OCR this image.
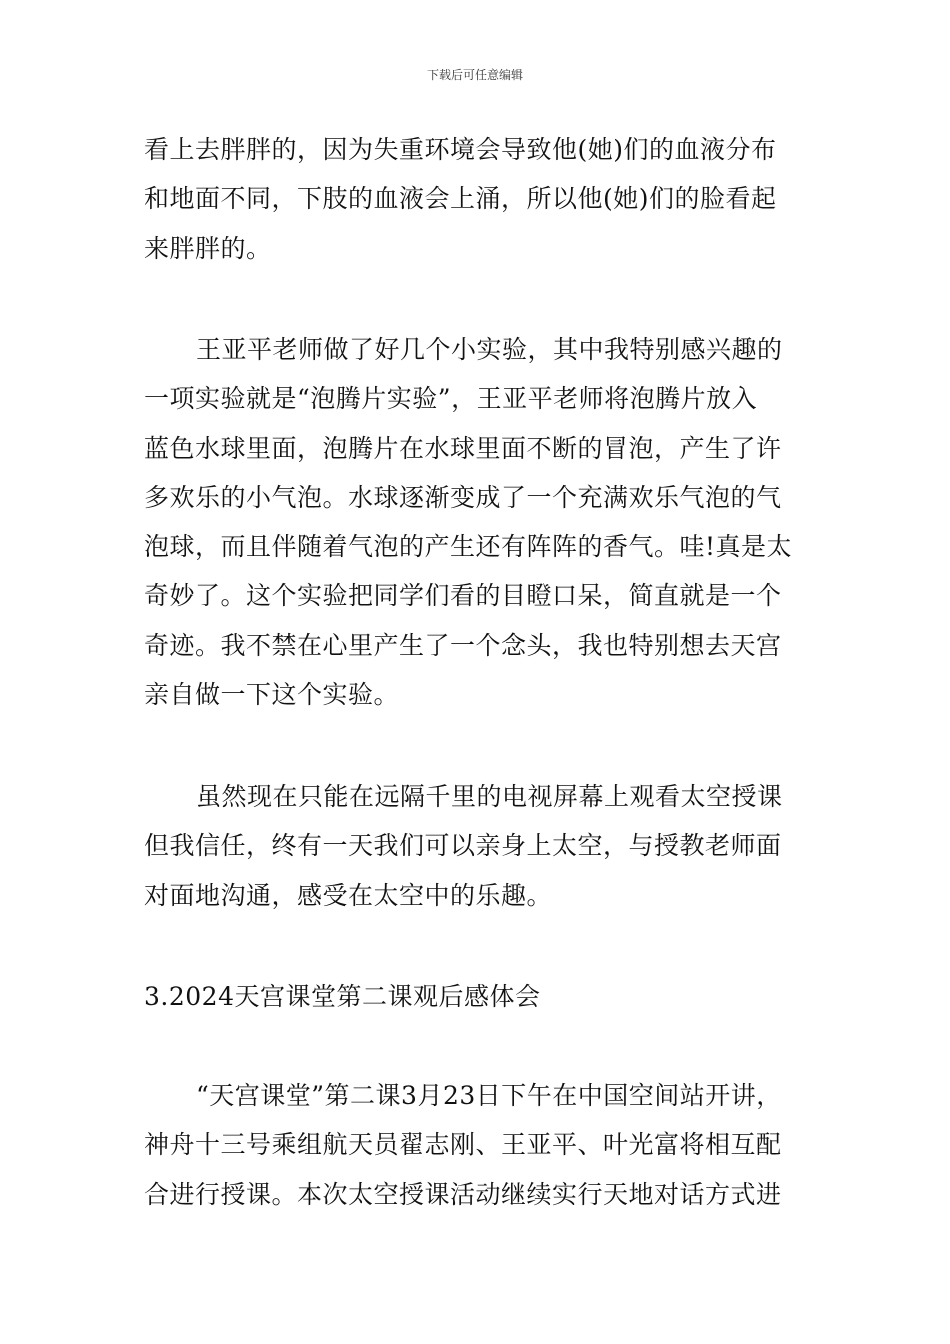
下载后可任意编辑
看上去胖胖的，因为失重环境会导致他(她)们的血液分布
和地面不同，下肢的血液会上涌，所以他(她)们的脸看起
来胖胖的。
王亚平老师做了好几个小实验，其中我特别感兴趣的
一项实验就是“泡腾片实验”，王亚平老师将泡腾片放入
蓝色水球里面，泡腾片在水球里面不断的冒泡，产生了许
多欢乐的小气泡。水球逐渐变成了一个充满欢乐气泡的气
泡球，而且伴随着气泡的产生还有阵阵的香气。哇!真是太
奇妙了。这个实验把同学们看的目瞪口呆，简直就是一个
奇迹。我不禁在心里产生了一个念头，我也特别想去天宫
亲自做一下这个实验。
虽然现在只能在远隔千里的电视屏幕上观看太空授课
但我信任，终有一天我们可以亲身上太空，与授教老师面
对面地沟通，感受在太空中的乐趣。
3.2024天宫课堂第二课观后感体会
“天宫课堂”第二课3月23日下午在中国空间站开讲，
神舟十三号乘组航天员翟志刚、王亚平、叶光富将相互配
合进行授课。本次太空授课活动继续实行天地对话方式进
